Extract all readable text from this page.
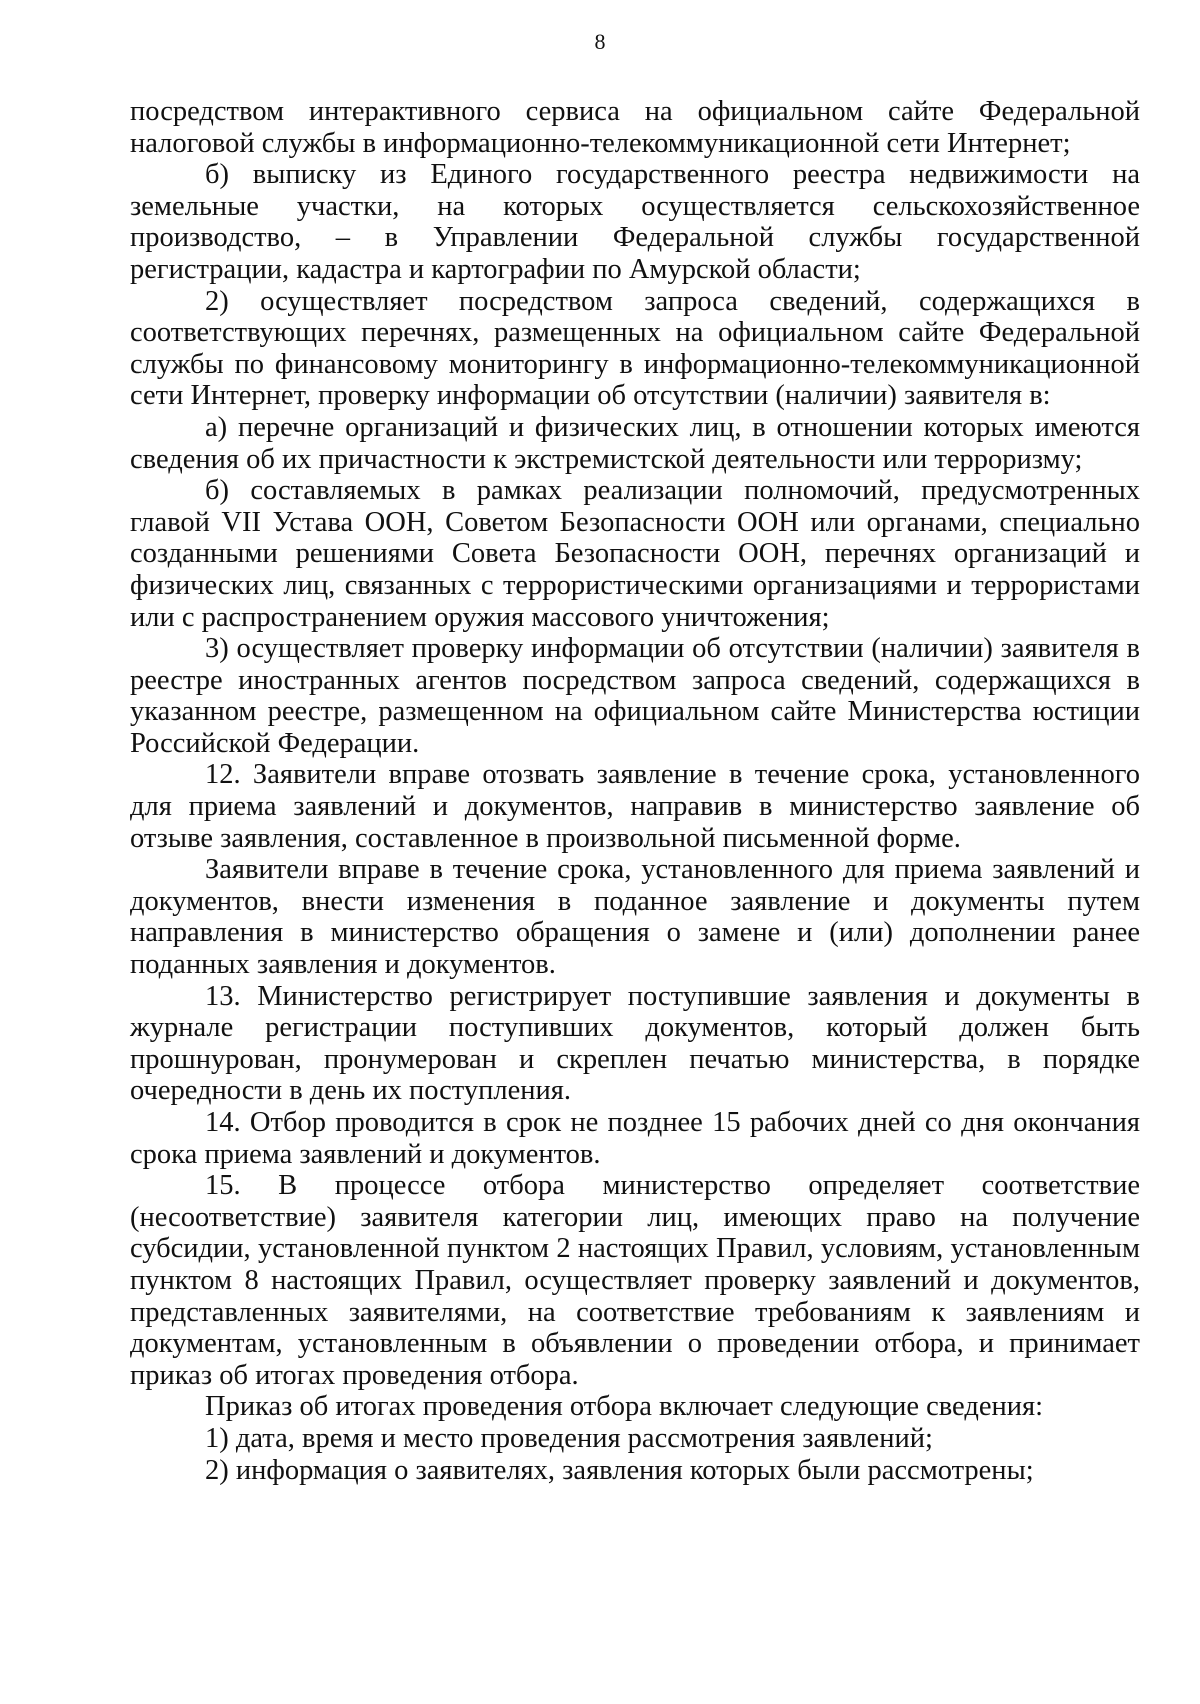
8

посредством интерактивного сервиса на официальном сайте Федеральной налоговой службы в информационно-телекоммуникационной сети Интернет;

б) выписку из Единого государственного реестра недвижимости на земельные участки, на которых осуществляется сельскохозяйственное производство, – в Управлении Федеральной службы государственной регистрации, кадастра и картографии по Амурской области;

2) осуществляет посредством запроса сведений, содержащихся в соответствующих перечнях, размещенных на официальном сайте Федеральной службы по финансовому мониторингу в информационно-телекоммуникационной сети Интернет, проверку информации об отсутствии (наличии) заявителя в:

а) перечне организаций и физических лиц, в отношении которых имеются сведения об их причастности к экстремистской деятельности или терроризму;

б) составляемых в рамках реализации полномочий, предусмотренных главой VII Устава ООН, Советом Безопасности ООН или органами, специально созданными решениями Совета Безопасности ООН, перечнях организаций и физических лиц, связанных с террористическими организациями и террористами или с распространением оружия массового уничтожения;

3) осуществляет проверку информации об отсутствии (наличии) заявителя в реестре иностранных агентов посредством запроса сведений, содержащихся в указанном реестре, размещенном на официальном сайте Министерства юстиции Российской Федерации.

12. Заявители вправе отозвать заявление в течение срока, установленного для приема заявлений и документов, направив в министерство заявление об отзыве заявления, составленное в произвольной письменной форме.

Заявители вправе в течение срока, установленного для приема заявлений и документов, внести изменения в поданное заявление и документы путем направления в министерство обращения о замене и (или) дополнении ранее поданных заявления и документов.

13. Министерство регистрирует поступившие заявления и документы в журнале регистрации поступивших документов, который должен быть прошнурован, пронумерован и скреплен печатью министерства, в порядке очередности в день их поступления.

14. Отбор проводится в срок не позднее 15 рабочих дней со дня окончания срока приема заявлений и документов.

15. В процессе отбора министерство определяет соответствие (несоответствие) заявителя категории лиц, имеющих право на получение субсидии, установленной пунктом 2 настоящих Правил, условиям, установленным пунктом 8 настоящих Правил, осуществляет проверку заявлений и документов, представленных заявителями, на соответствие требованиям к заявлениям и документам, установленным в объявлении о проведении отбора, и принимает приказ об итогах проведения отбора.

Приказ об итогах проведения отбора включает следующие сведения:

1) дата, время и место проведения рассмотрения заявлений;

2) информация о заявителях, заявления которых были рассмотрены;
